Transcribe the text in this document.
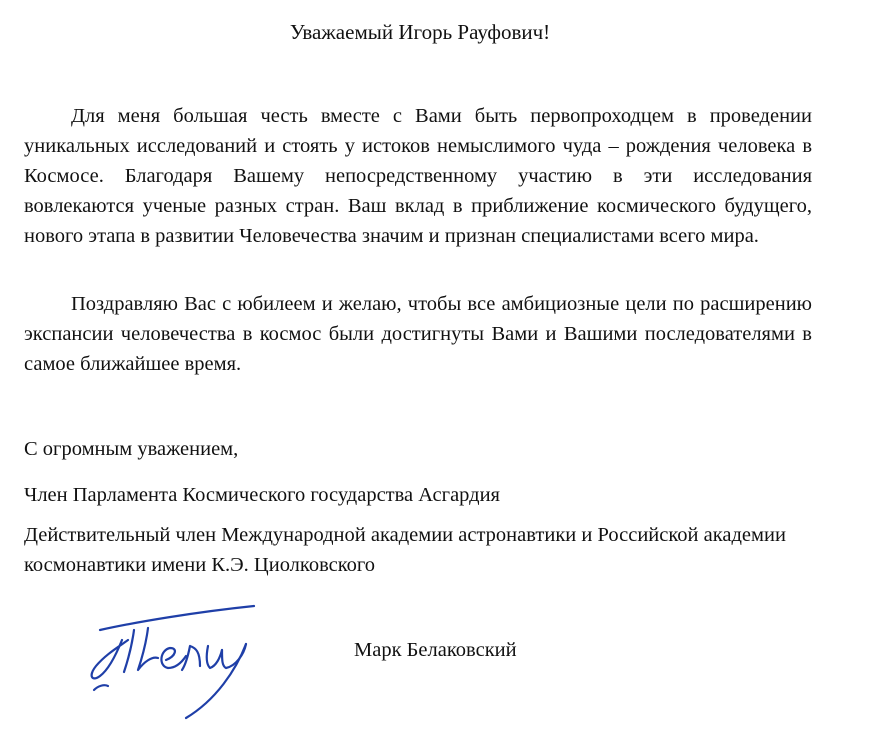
Уважаемый Игорь Рауфович!

Для меня большая честь вместе с Вами быть первопроходцем в проведении уникальных исследований и стоять у истоков немыслимого чуда – рождения человека в Космосе. Благодаря Вашему непосредственному участию в эти исследования вовлекаются ученые разных стран. Ваш вклад в приближение космического будущего, нового этапа в развитии Человечества значим и признан специалистами всего мира.

Поздравляю Вас с юбилеем и желаю, чтобы все амбициозные цели по расширению экспансии человечества в космос были достигнуты Вами и Вашими последователями в самое ближайшее время.

С огромным уважением,
Член Парламента Космического государства Асгардия
Действительный член Международной академии астронавтики и Российской академии космонавтики имени К.Э. Циолковского
Марк Белаковский
